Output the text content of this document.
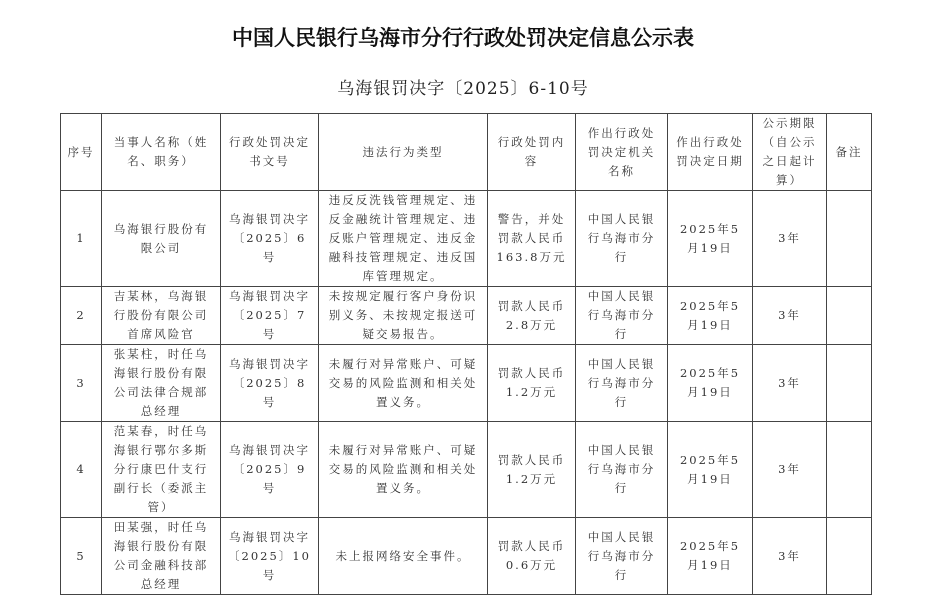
中国人民银行乌海市分行行政处罚决定信息公示表
乌海银罚决字〔2025〕6-10号
序号	当事人名称（姓名、职务）	行政处罚决定书文号	违法行为类型	行政处罚内容	作出行政处罚决定机关名称	作出行政处罚决定日期	公示期限（自公示之日起计算）	备注
1	乌海银行股份有限公司	乌海银罚决字〔2025〕6号	违反反洗钱管理规定、违反金融统计管理规定、违反账户管理规定、违反金融科技管理规定、违反国库管理规定。	警告，并处罚款人民币163.8万元	中国人民银行乌海市分行	2025年5月19日	3年	
2	吉某林，乌海银行股份有限公司首席风险官	乌海银罚决字〔2025〕7号	未按规定履行客户身份识别义务、未按规定报送可疑交易报告。	罚款人民币2.8万元	中国人民银行乌海市分行	2025年5月19日	3年	
3	张某柱，时任乌海银行股份有限公司法律合规部总经理	乌海银罚决字〔2025〕8号	未履行对异常账户、可疑交易的风险监测和相关处置义务。	罚款人民币1.2万元	中国人民银行乌海市分行	2025年5月19日	3年	
4	范某春，时任乌海银行鄂尔多斯分行康巴什支行副行长（委派主管）	乌海银罚决字〔2025〕9号	未履行对异常账户、可疑交易的风险监测和相关处置义务。	罚款人民币1.2万元	中国人民银行乌海市分行	2025年5月19日	3年	
5	田某强，时任乌海银行股份有限公司金融科技部总经理	乌海银罚决字〔2025〕10号	未上报网络安全事件。	罚款人民币0.6万元	中国人民银行乌海市分行	2025年5月19日	3年	
